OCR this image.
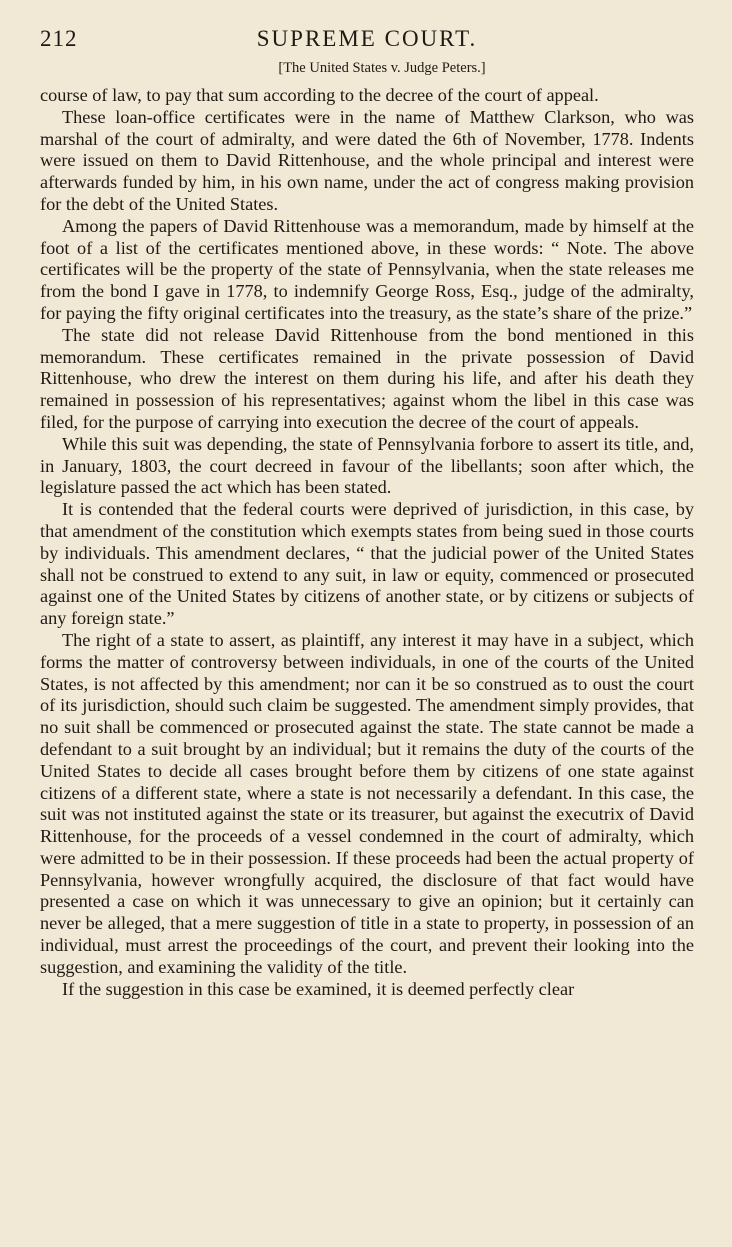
212	SUPREME COURT.
[The United States v. Judge Peters.]

course of law, to pay that sum according to the decree of the court of appeal.

These loan-office certificates were in the name of Matthew Clarkson, who was marshal of the court of admiralty, and were dated the 6th of November, 1778. Indents were issued on them to David Rittenhouse, and the whole principal and interest were afterwards funded by him, in his own name, under the act of congress making provision for the debt of the United States.

Among the papers of David Rittenhouse was a memorandum, made by himself at the foot of a list of the certificates mentioned above, in these words: “ Note. The above certificates will be the property of the state of Pennsylvania, when the state releases me from the bond I gave in 1778, to indemnify George Ross, Esq., judge of the admiralty, for paying the fifty original certificates into the treasury, as the state’s share of the prize.”

The state did not release David Rittenhouse from the bond mentioned in this memorandum. These certificates remained in the private possession of David Rittenhouse, who drew the interest on them during his life, and after his death they remained in possession of his representatives; against whom the libel in this case was filed, for the purpose of carrying into execution the decree of the court of appeals.

While this suit was depending, the state of Pennsylvania forbore to assert its title, and, in January, 1803, the court decreed in favour of the libellants; soon after which, the legislature passed the act which has been stated.

It is contended that the federal courts were deprived of jurisdiction, in this case, by that amendment of the constitution which exempts states from being sued in those courts by individuals. This amendment declares, “ that the judicial power of the United States shall not be construed to extend to any suit, in law or equity, commenced or prosecuted against one of the United States by citizens of another state, or by citizens or subjects of any foreign state.”

The right of a state to assert, as plaintiff, any interest it may have in a subject, which forms the matter of controversy between individuals, in one of the courts of the United States, is not affected by this amendment; nor can it be so construed as to oust the court of its jurisdiction, should such claim be suggested. The amendment simply provides, that no suit shall be commenced or prosecuted against the state. The state cannot be made a defendant to a suit brought by an individual; but it remains the duty of the courts of the United States to decide all cases brought before them by citizens of one state against citizens of a different state, where a state is not necessarily a defendant. In this case, the suit was not instituted against the state or its treasurer, but against the executrix of David Rittenhouse, for the proceeds of a vessel condemned in the court of admiralty, which were admitted to be in their possession. If these proceeds had been the actual property of Pennsylvania, however wrongfully acquired, the disclosure of that fact would have presented a case on which it was unnecessary to give an opinion; but it certainly can never be alleged, that a mere suggestion of title in a state to property, in possession of an individual, must arrest the proceedings of the court, and prevent their looking into the suggestion, and examining the validity of the title.

If the suggestion in this case be examined, it is deemed perfectly clear
